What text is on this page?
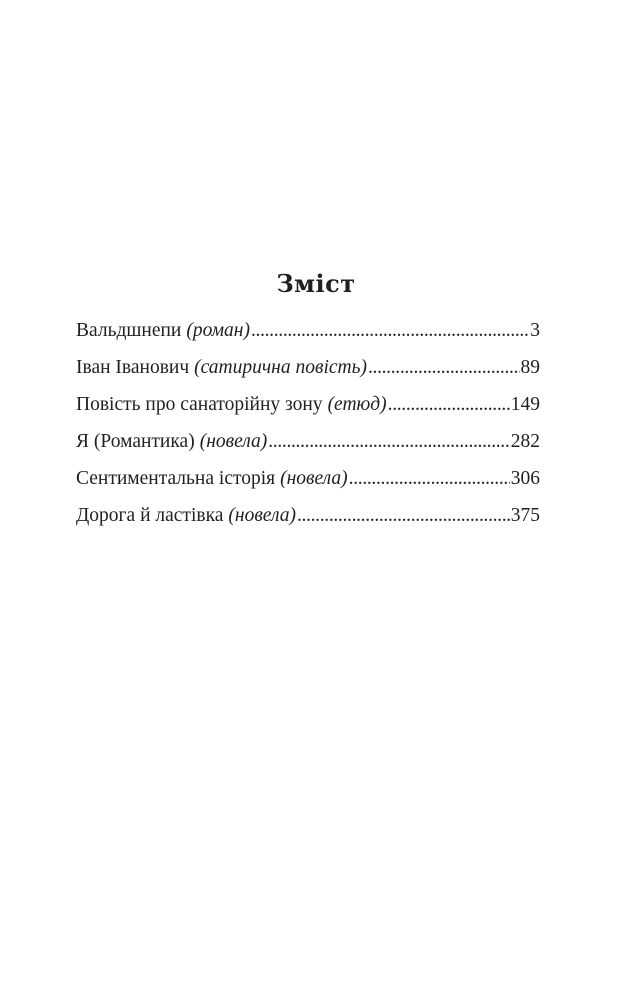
Зміст
Вальдшнепи (роман) . . .	3
Іван Іванович (сатирична повість) . . .	89
Повість про санаторійну зону (етюд) . . .	149
Я (Романтика) (новела) . . .	282
Сентиментальна історія (новела) . . .	306
Дорога й ластівка (новела) . . .	375
